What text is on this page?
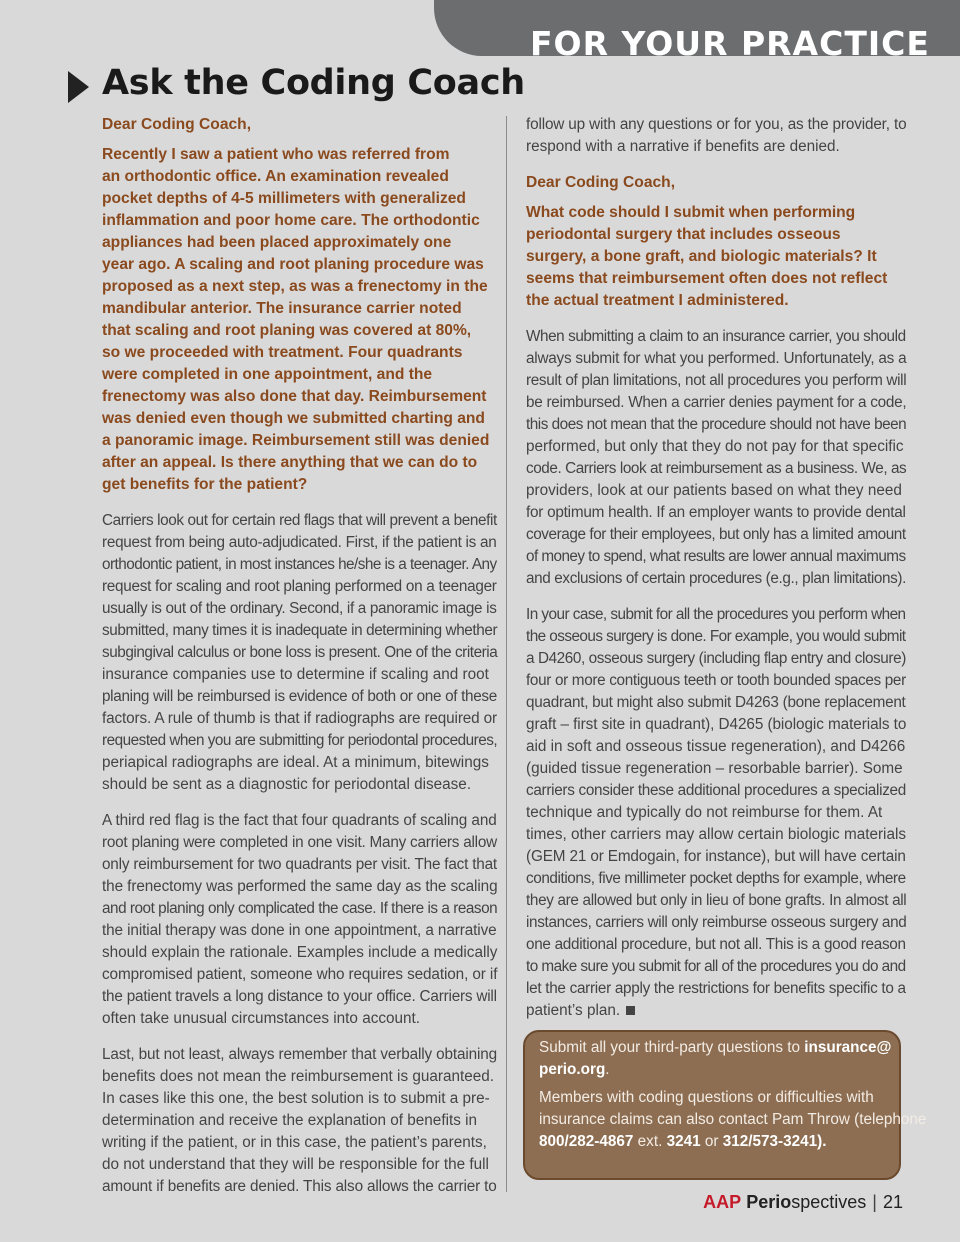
FOR YOUR PRACTICE
Ask the Coding Coach

Dear Coding Coach,

Recently I saw a patient who was referred from

an orthodontic office. An examination revealed

pocket depths of 4-5 millimeters with generalized

inflammation and poor home care. The orthodontic

appliances had been placed approximately one

year ago. A scaling and root planing procedure was

proposed as a next step, as was a frenectomy in the

mandibular anterior. The insurance carrier noted

that scaling and root planing was covered at 80%,

so we proceeded with treatment. Four quadrants

were completed in one appointment, and the

frenectomy was also done that day. Reimbursement

was denied even though we submitted charting and

a panoramic image. Reimbursement still was denied

after an appeal. Is there anything that we can do to

get benefits for the patient?

Carriers look out for certain red flags that will prevent a benefit

request from being auto-adjudicated. First, if the patient is an

orthodontic patient, in most instances he/she is a teenager. Any

request for scaling and root planing performed on a teenager

usually is out of the ordinary. Second, if a panoramic image is

submitted, many times it is inadequate in determining whether

subgingival calculus or bone loss is present. One of the criteria

insurance companies use to determine if scaling and root

planing will be reimbursed is evidence of both or one of these

factors. A rule of thumb is that if radiographs are required or

requested when you are submitting for periodontal procedures,

periapical radiographs are ideal. At a minimum, bitewings

should be sent as a diagnostic for periodontal disease.

A third red flag is the fact that four quadrants of scaling and

root planing were completed in one visit. Many carriers allow

only reimbursement for two quadrants per visit. The fact that

the frenectomy was performed the same day as the scaling

and root planing only complicated the case. If there is a reason

the initial therapy was done in one appointment, a narrative

should explain the rationale. Examples include a medically

compromised patient, someone who requires sedation, or if

the patient travels a long distance to your office. Carriers will

often take unusual circumstances into account.

Last, but not least, always remember that verbally obtaining

benefits does not mean the reimbursement is guaranteed.

In cases like this one, the best solution is to submit a pre-

determination and receive the explanation of benefits in

writing if the patient, or in this case, the patient’s parents,

do not understand that they will be responsible for the full

amount if benefits are denied. This also allows the carrier to

follow up with any questions or for you, as the provider, to

respond with a narrative if benefits are denied.

Dear Coding Coach,

What code should I submit when performing

periodontal surgery that includes osseous

surgery, a bone graft, and biologic materials? It

seems that reimbursement often does not reflect

the actual treatment I administered.

When submitting a claim to an insurance carrier, you should

always submit for what you performed. Unfortunately, as a

result of plan limitations, not all procedures you perform will

be reimbursed. When a carrier denies payment for a code,

this does not mean that the procedure should not have been

performed, but only that they do not pay for that specific

code. Carriers look at reimbursement as a business. We, as

providers, look at our patients based on what they need

for optimum health. If an employer wants to provide dental

coverage for their employees, but only has a limited amount

of money to spend, what results are lower annual maximums

and exclusions of certain procedures (e.g., plan limitations).

In your case, submit for all the procedures you perform when

the osseous surgery is done. For example, you would submit

a D4260, osseous surgery (including flap entry and closure)

four or more contiguous teeth or tooth bounded spaces per

quadrant, but might also submit D4263 (bone replacement

graft – first site in quadrant), D4265 (biologic materials to

aid in soft and osseous tissue regeneration), and D4266

(guided tissue regeneration – resorbable barrier). Some

carriers consider these additional procedures a specialized

technique and typically do not reimburse for them. At

times, other carriers may allow certain biologic materials

(GEM 21 or Emdogain, for instance), but will have certain

conditions, five millimeter pocket depths for example, where

they are allowed but only in lieu of bone grafts. In almost all

instances, carriers will only reimburse osseous surgery and

one additional procedure, but not all. This is a good reason

to make sure you submit for all of the procedures you do and

let the carrier apply the restrictions for benefits specific to a

patient’s plan.

Submit all your third-party questions to insurance@

perio.org.

Members with coding questions or difficulties with

insurance claims can also contact Pam Throw (telephone

800/282-4867 ext. 3241 or 312/573-3241).

AAP Periospectives | 21
